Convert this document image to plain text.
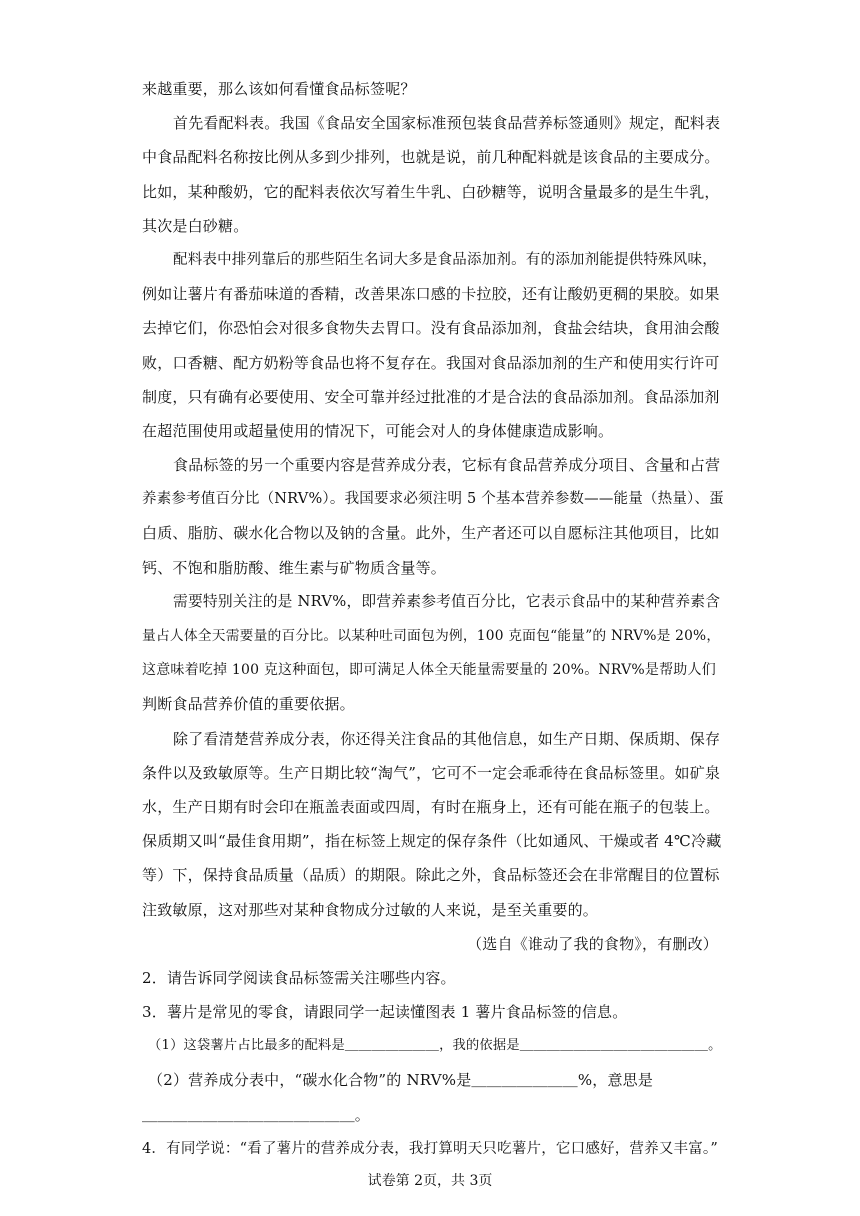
来越重要，那么该如何看懂食品标签呢？
首先看配料表。我国《食品安全国家标准预包装食品营养标签通则》规定，配料表
中食品配料名称按比例从多到少排列，也就是说，前几种配料就是该食品的主要成分。
比如，某种酸奶，它的配料表依次写着生牛乳、白砂糖等，说明含量最多的是生牛乳，
其次是白砂糖。
配料表中排列靠后的那些陌生名词大多是食品添加剂。有的添加剂能提供特殊风味，
例如让薯片有番茄味道的香精，改善果冻口感的卡拉胶，还有让酸奶更稠的果胶。如果
去掉它们，你恐怕会对很多食物失去胃口。没有食品添加剂，食盐会结块，食用油会酸
败，口香糖、配方奶粉等食品也将不复存在。我国对食品添加剂的生产和使用实行许可
制度，只有确有必要使用、安全可靠并经过批准的才是合法的食品添加剂。食品添加剂
在超范围使用或超量使用的情况下，可能会对人的身体健康造成影响。
食品标签的另一个重要内容是营养成分表，它标有食品营养成分项目、含量和占营
养素参考值百分比（NRV%）。我国要求必须注明 5 个基本营养参数——能量（热量）、蛋
白质、脂肪、碳水化合物以及钠的含量。此外，生产者还可以自愿标注其他项目，比如
钙、不饱和脂肪酸、维生素与矿物质含量等。
需要特别关注的是 NRV%，即营养素参考值百分比，它表示食品中的某种营养素含
量占人体全天需要量的百分比。以某种吐司面包为例，100 克面包“能量”的 NRV%是 20%，
这意味着吃掉 100 克这种面包，即可满足人体全天能量需要量的 20%。NRV%是帮助人们
判断食品营养价值的重要依据。
除了看清楚营养成分表，你还得关注食品的其他信息，如生产日期、保质期、保存
条件以及致敏原等。生产日期比较“淘气”，它可不一定会乖乖待在食品标签里。如矿泉
水，生产日期有时会印在瓶盖表面或四周，有时在瓶身上，还有可能在瓶子的包装上。
保质期又叫“最佳食用期”，指在标签上规定的保存条件（比如通风、干燥或者 4℃冷藏
等）下，保持食品质量（品质）的期限。除此之外，食品标签还会在非常醒目的位置标
注致敏原，这对那些对某种食物成分过敏的人来说，是至关重要的。
（选自《谁动了我的食物》，有删改）
2．请告诉同学阅读食品标签需关注哪些内容。
3．薯片是常见的零食，请跟同学一起读懂图表 1 薯片食品标签的信息。
（1）这袋薯片占比最多的配料是＿＿＿＿＿＿＿，我的依据是＿＿＿＿＿＿＿＿＿＿＿＿＿＿。
（2）营养成分表中，“碳水化合物”的 NRV%是＿＿＿＿＿＿＿%，意思是
＿＿＿＿＿＿＿＿＿＿＿＿＿＿。
4．有同学说：“看了薯片的营养成分表，我打算明天只吃薯片，它口感好，营养又丰富。”
试卷第 2页，共 3页
